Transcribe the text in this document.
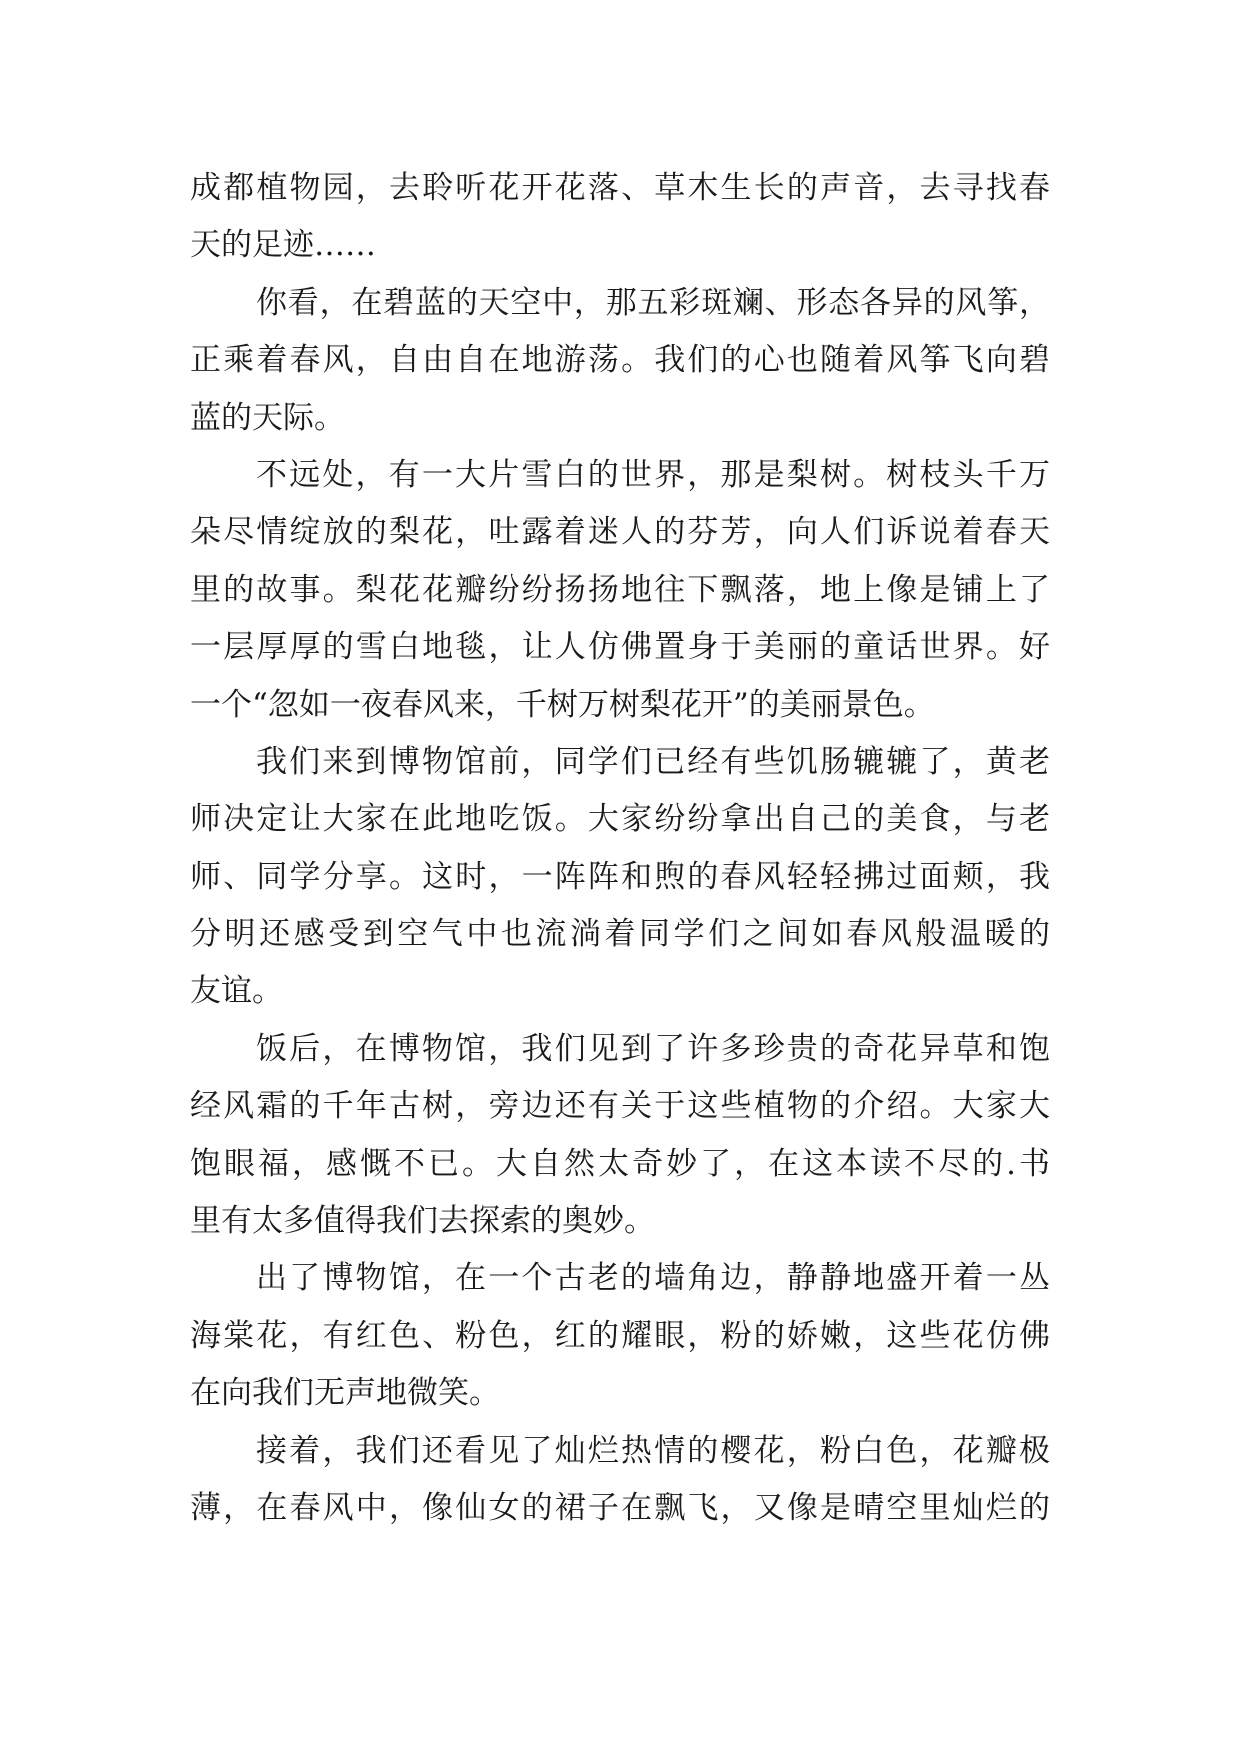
成都植物园，去聆听花开花落、草木生长的声音，去寻找春
天的足迹……
你看，在碧蓝的天空中，那五彩斑斓、形态各异的风筝，
正乘着春风，自由自在地游荡。我们的心也随着风筝飞向碧
蓝的天际。
不远处，有一大片雪白的世界，那是梨树。树枝头千万
朵尽情绽放的梨花，吐露着迷人的芬芳，向人们诉说着春天
里的故事。梨花花瓣纷纷扬扬地往下飘落，地上像是铺上了
一层厚厚的雪白地毯，让人仿佛置身于美丽的童话世界。好
一个“忽如一夜春风来，千树万树梨花开”的美丽景色。
我们来到博物馆前，同学们已经有些饥肠辘辘了，黄老
师决定让大家在此地吃饭。大家纷纷拿出自己的美食，与老
师、同学分享。这时，一阵阵和煦的春风轻轻拂过面颊，我
分明还感受到空气中也流淌着同学们之间如春风般温暖的
友谊。
饭后，在博物馆，我们见到了许多珍贵的奇花异草和饱
经风霜的千年古树，旁边还有关于这些植物的介绍。大家大
饱眼福，感慨不已。大自然太奇妙了，在这本读不尽的.书
里有太多值得我们去探索的奥妙。
出了博物馆，在一个古老的墙角边，静静地盛开着一丛
海棠花，有红色、粉色，红的耀眼，粉的娇嫩，这些花仿佛
在向我们无声地微笑。
接着，我们还看见了灿烂热情的樱花，粉白色，花瓣极
薄，在春风中，像仙女的裙子在飘飞，又像是晴空里灿烂的
